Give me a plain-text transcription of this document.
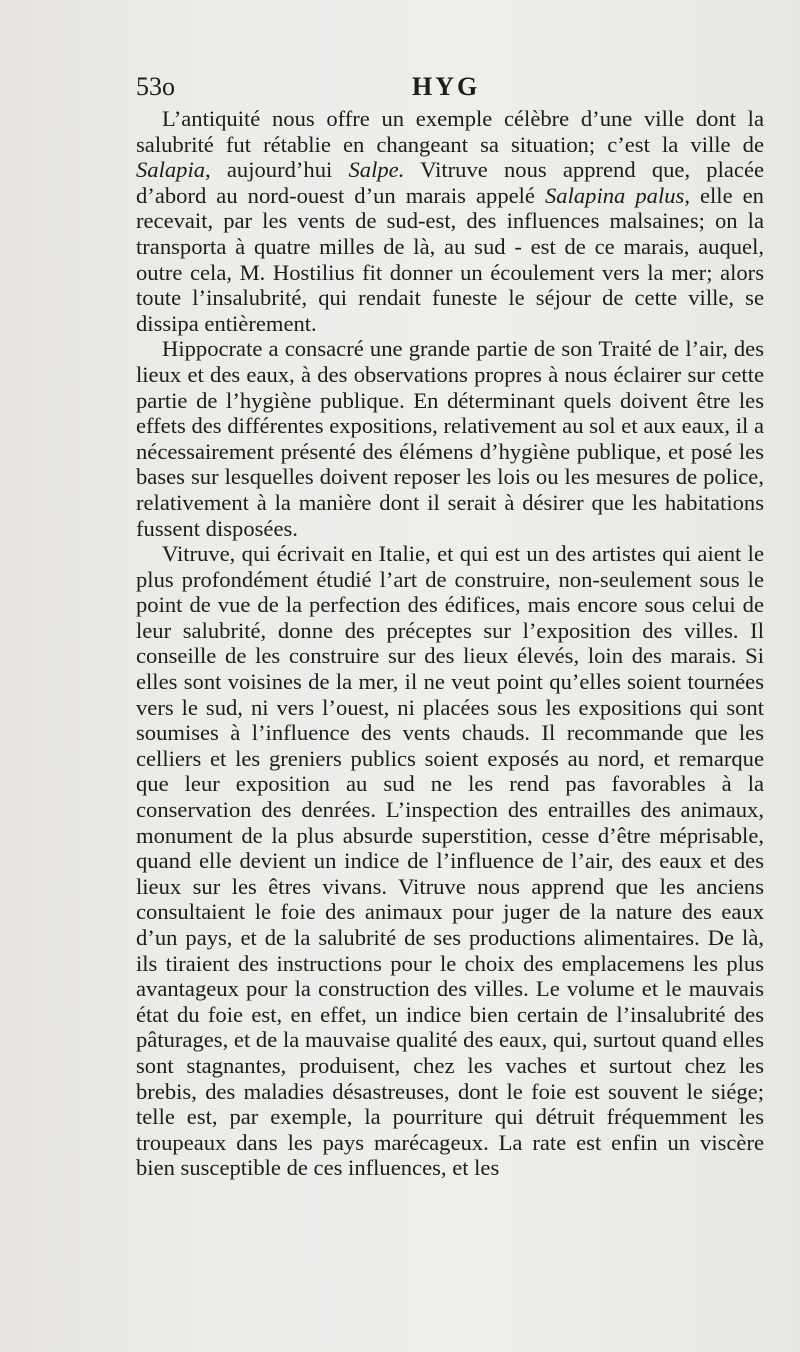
53o	HYG

L’antiquité nous offre un exemple célèbre d’une ville dont la salubrité fut rétablie en changeant sa situation; c’est la ville de Salapia, aujourd’hui Salpe. Vitruve nous apprend que, placée d’abord au nord-ouest d’un marais appelé Salapina palus, elle en recevait, par les vents de sud-est, des influences malsaines; on la transporta à quatre milles de là, au sud - est de ce marais, auquel, outre cela, M. Hostilius fit donner un écoulement vers la mer; alors toute l’insalubrité, qui rendait funeste le séjour de cette ville, se dissipa entièrement.

Hippocrate a consacré une grande partie de son Traité de l’air, des lieux et des eaux, à des observations propres à nous éclairer sur cette partie de l’hygiène publique. En déterminant quels doivent être les effets des différentes expositions, relativement au sol et aux eaux, il a nécessairement présenté des élémens d’hygiène publique, et posé les bases sur lesquelles doivent reposer les lois ou les mesures de police, relativement à la manière dont il serait à désirer que les habitations fussent disposées.

Vitruve, qui écrivait en Italie, et qui est un des artistes qui aient le plus profondément étudié l’art de construire, non-seulement sous le point de vue de la perfection des édifices, mais encore sous celui de leur salubrité, donne des préceptes sur l’exposition des villes. Il conseille de les construire sur des lieux élevés, loin des marais. Si elles sont voisines de la mer, il ne veut point qu’elles soient tournées vers le sud, ni vers l’ouest, ni placées sous les expositions qui sont soumises à l’influence des vents chauds. Il recommande que les celliers et les greniers publics soient exposés au nord, et remarque que leur exposition au sud ne les rend pas favorables à la conservation des denrées. L’inspection des entrailles des animaux, monument de la plus absurde superstition, cesse d’être méprisable, quand elle devient un indice de l’influence de l’air, des eaux et des lieux sur les êtres vivans. Vitruve nous apprend que les anciens consultaient le foie des animaux pour juger de la nature des eaux d’un pays, et de la salubrité de ses productions alimentaires. De là, ils tiraient des instructions pour le choix des emplacemens les plus avantageux pour la construction des villes. Le volume et le mauvais état du foie est, en effet, un indice bien certain de l’insalubrité des pâturages, et de la mauvaise qualité des eaux, qui, surtout quand elles sont stagnantes, produisent, chez les vaches et surtout chez les brebis, des maladies désastreuses, dont le foie est souvent le siége; telle est, par exemple, la pourriture qui détruit fréquemment les troupeaux dans les pays marécageux. La rate est enfin un viscère bien susceptible de ces influences, et les
